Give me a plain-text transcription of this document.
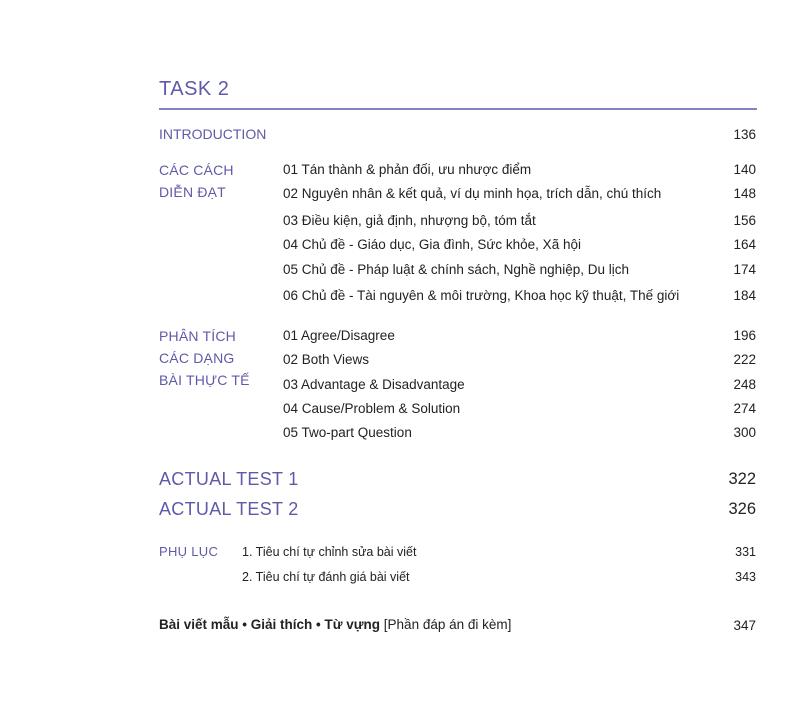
TASK 2
INTRODUCTION	136
CÁC CÁCH
DIỄN ĐẠT
01 Tán thành & phản đối, ưu nhược điểm	140
02 Nguyên nhân & kết quả, ví dụ minh họa, trích dẫn, chú thích	148
03 Điều kiện, giả định, nhượng bộ, tóm tắt	156
04 Chủ đề - Giáo dục, Gia đình, Sức khỏe, Xã hội	164
05 Chủ đề - Pháp luật & chính sách, Nghề nghiệp, Du lịch	174
06 Chủ đề - Tài nguyên & môi trường, Khoa học kỹ thuật, Thế giới	184
PHÂN TÍCH
CÁC DẠNG
BÀI THỰC TẾ
01 Agree/Disagree	196
02 Both Views	222
03 Advantage & Disadvantage	248
04 Cause/Problem & Solution	274
05 Two-part Question	300
ACTUAL TEST 1	322
ACTUAL TEST 2	326
PHỤ LỤC 1. Tiêu chí tự chỉnh sửa bài viết	331
2. Tiêu chí tự đánh giá bài viết	343
Bài viết mẫu • Giải thích • Từ vựng [Phần đáp án đi kèm]	347
